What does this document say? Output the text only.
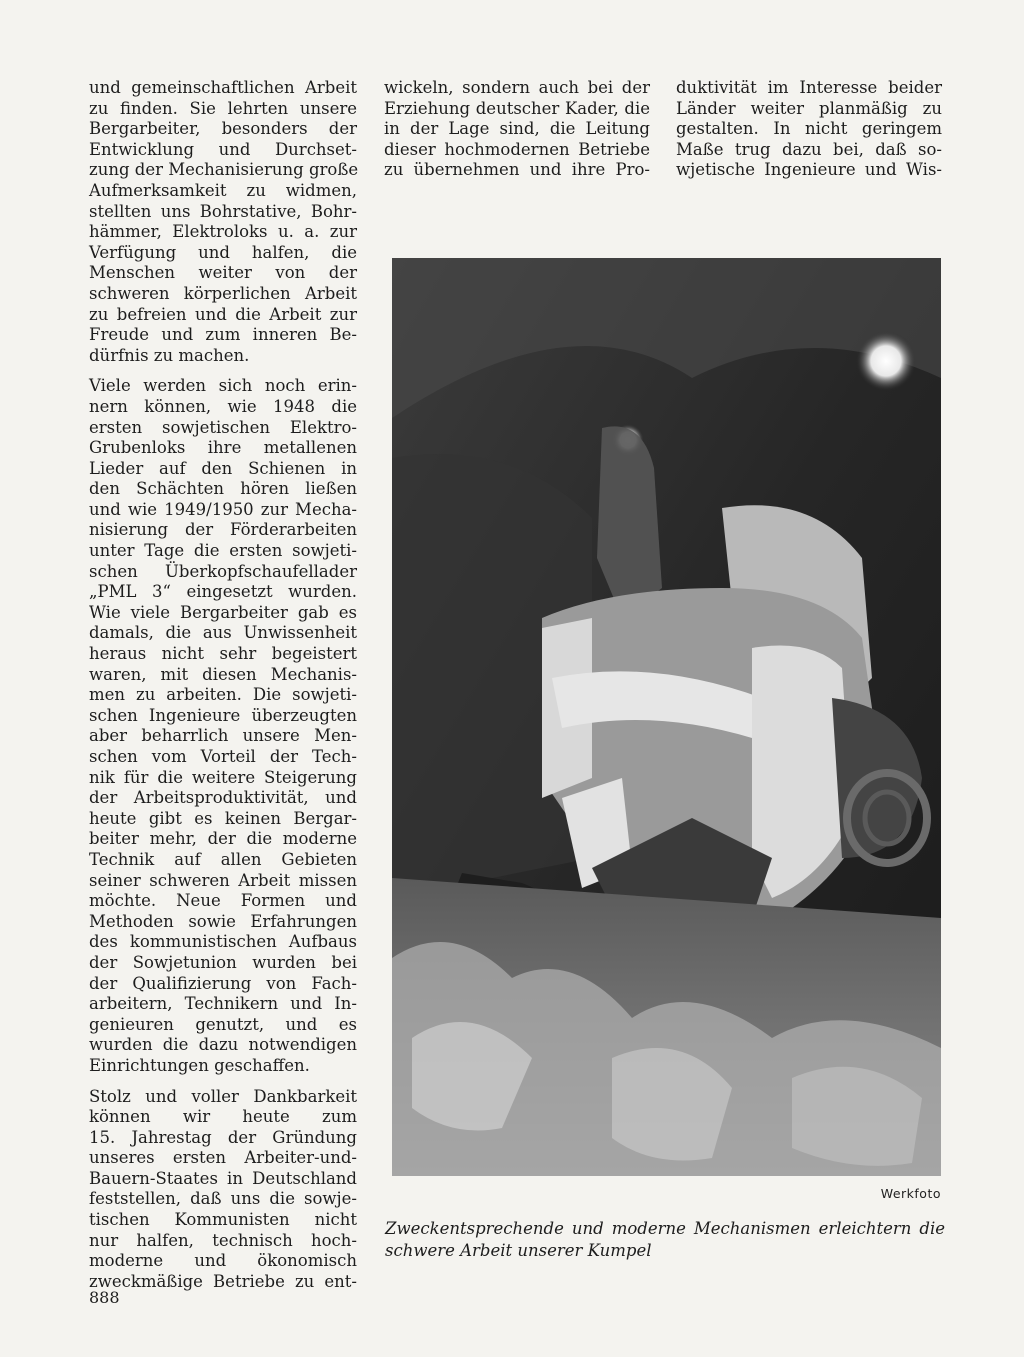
und gemeinschaftlichen Arbeit
zu finden. Sie lehrten unsere
Bergarbeiter, besonders der
Entwicklung und Durchset-
zung der Mechanisierung große
Aufmerksamkeit zu widmen,
stellten uns Bohrstative, Bohr-
hämmer, Elektroloks u. a. zur
Verfügung und halfen, die
Menschen weiter von der
schweren körperlichen Arbeit
zu befreien und die Arbeit zur
Freude und zum inneren Be-
dürfnis zu machen.

Viele werden sich noch erin-
nern können, wie 1948 die
ersten sowjetischen Elektro-
Grubenloks ihre metallenen
Lieder auf den Schienen in
den Schächten hören ließen
und wie 1949/1950 zur Mecha-
nisierung der Förderarbeiten
unter Tage die ersten sowjeti-
schen Überkopfschaufellader
„PML 3“ eingesetzt wurden.
Wie viele Bergarbeiter gab es
damals, die aus Unwissenheit
heraus nicht sehr begeistert
waren, mit diesen Mechanis-
men zu arbeiten. Die sowjeti-
schen Ingenieure überzeugten
aber beharrlich unsere Men-
schen vom Vorteil der Tech-
nik für die weitere Steigerung
der Arbeitsproduktivität, und
heute gibt es keinen Bergar-
beiter mehr, der die moderne
Technik auf allen Gebieten
seiner schweren Arbeit missen
möchte. Neue Formen und
Methoden sowie Erfahrungen
des kommunistischen Aufbaus
der Sowjetunion wurden bei
der Qualifizierung von Fach-
arbeitern, Technikern und In-
genieuren genutzt, und es
wurden die dazu notwendigen
Einrichtungen geschaffen.

Stolz und voller Dankbarkeit
können wir heute zum
15. Jahrestag der Gründung
unseres ersten Arbeiter-und-
Bauern-Staates in Deutschland
feststellen, daß uns die sowje-
tischen Kommunisten nicht
nur halfen, technisch hoch-
moderne und ökonomisch
zweckmäßige Betriebe zu ent-

wickeln, sondern auch bei der
Erziehung deutscher Kader, die
in der Lage sind, die Leitung
dieser hochmodernen Betriebe
zu übernehmen und ihre Pro-

duktivität im Interesse beider
Länder weiter planmäßig zu
gestalten. In nicht geringem
Maße trug dazu bei, daß so-
wjetische Ingenieure und Wis-

Werkfoto
Zweckentsprechende und moderne Mechanismen erleichtern die
schwere Arbeit unserer Kumpel
888
